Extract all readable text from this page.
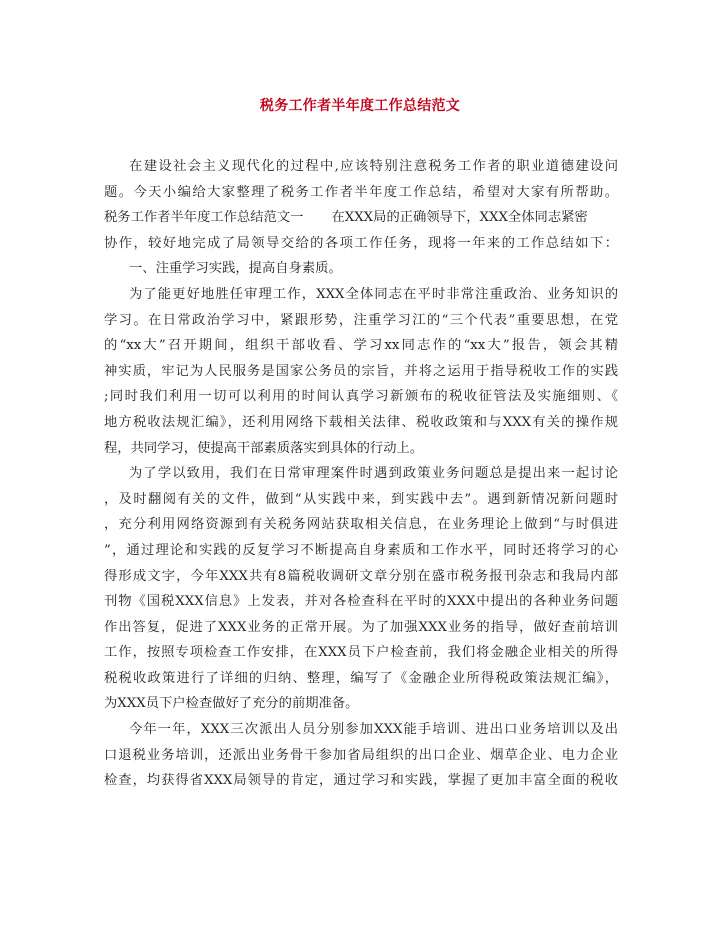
税务工作者半年度工作总结范文
在建设社会主义现代化的过程中,应该特别注意税务工作者的职业道德建设问
题。今天小编给大家整理了税务工作者半年度工作总结，希望对大家有所帮助。
税务工作者半年度工作总结范文一 在XXX局的正确领导下，XXX全体同志紧密
协作，较好地完成了局领导交给的各项工作任务，现将一年来的工作总结如下：
一、注重学习实践，提高自身素质。
为了能更好地胜任审理工作，XXX全体同志在平时非常注重政治、业务知识的
学习。在日常政治学习中，紧跟形势，注重学习江的“三个代表”重要思想，在党
的“xx大”召开期间，组织干部收看、学习xx同志作的“xx大”报告，领会其精
神实质，牢记为人民服务是国家公务员的宗旨，并将之运用于指导税收工作的实践
;同时我们利用一切可以利用的时间认真学习新颁布的税收征管法及实施细则、《
地方税收法规汇编》，还利用网络下载相关法律、税收政策和与XXX有关的操作规
程，共同学习，使提高干部素质落实到具体的行动上。
为了学以致用，我们在日常审理案件时遇到政策业务问题总是提出来一起讨论
，及时翻阅有关的文件，做到“从实践中来，到实践中去”。遇到新情况新问题时
，充分利用网络资源到有关税务网站获取相关信息，在业务理论上做到“与时俱进
”，通过理论和实践的反复学习不断提高自身素质和工作水平，同时还将学习的心
得形成文字，今年XXX共有8篇税收调研文章分别在盛市税务报刊杂志和我局内部
刊物《国税XXX信息》上发表，并对各检查科在平时的XXX中提出的各种业务问题
作出答复，促进了XXX业务的正常开展。为了加强XXX业务的指导，做好查前培训
工作，按照专项检查工作安排，在XXX员下户检查前，我们将金融企业相关的所得
税税收政策进行了详细的归纳、整理，编写了《金融企业所得税政策法规汇编》，
为XXX员下户检查做好了充分的前期准备。
今年一年，XXX三次派出人员分别参加XXX能手培训、进出口业务培训以及出
口退税业务培训，还派出业务骨干参加省局组织的出口企业、烟草企业、电力企业
检查，均获得省XXX局领导的肯定，通过学习和实践，掌握了更加丰富全面的税收
